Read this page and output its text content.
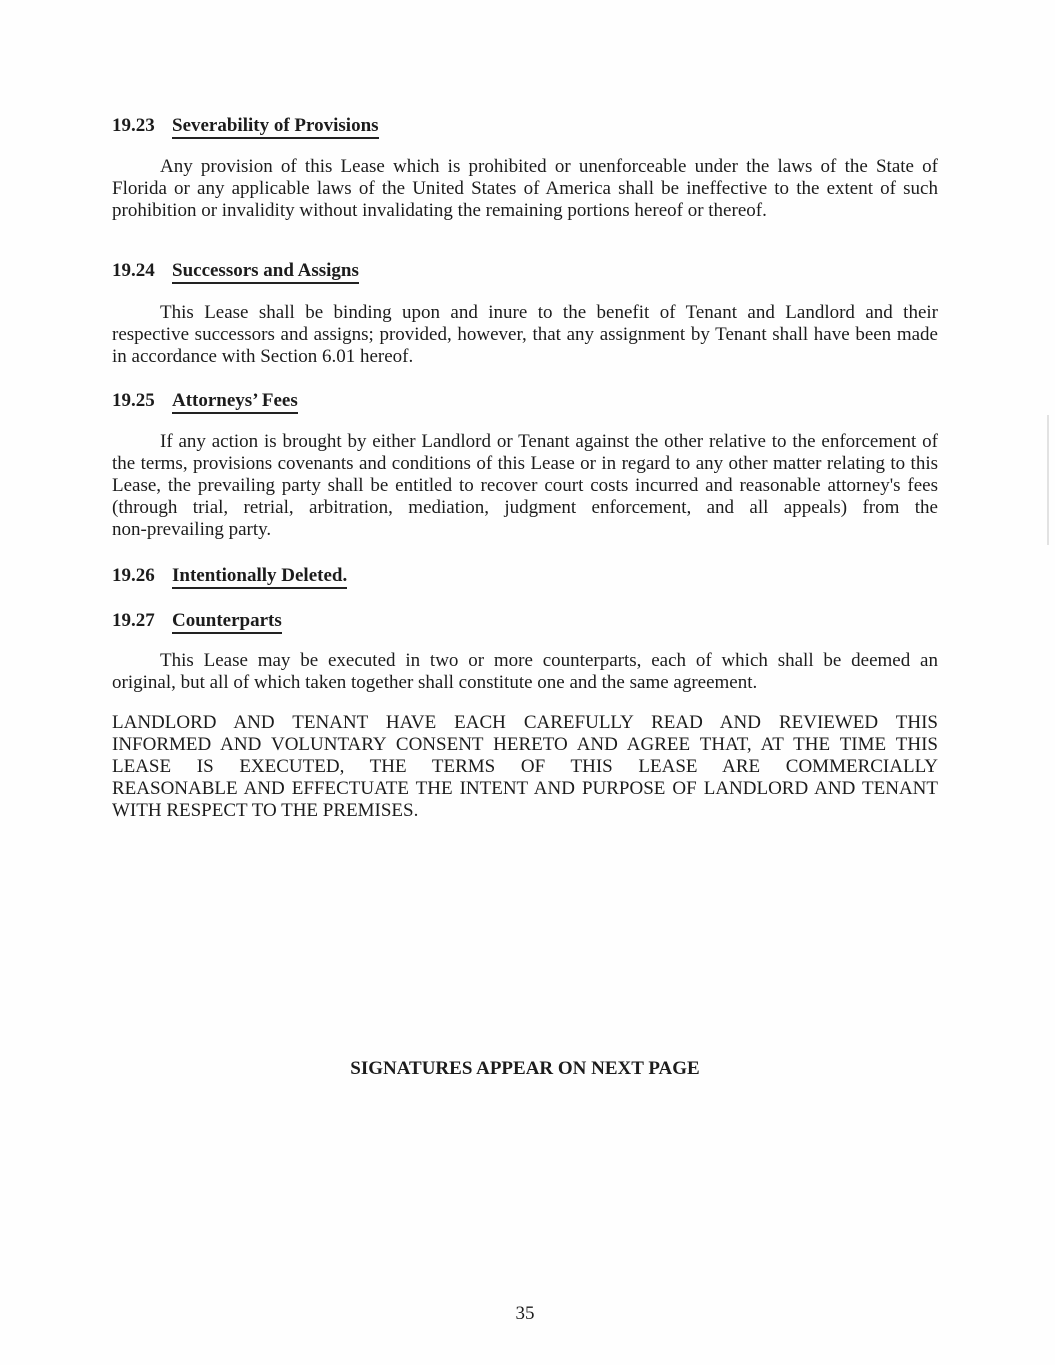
19.23 Severability of Provisions
Any provision of this Lease which is prohibited or unenforceable under the laws of the State of
Florida or any applicable laws of the United States of America shall be ineffective to the extent of such
prohibition or invalidity without invalidating the remaining portions hereof or thereof.
19.24 Successors and Assigns
This Lease shall be binding upon and inure to the benefit of Tenant and Landlord and their
respective successors and assigns; provided, however, that any assignment by Tenant shall have been made
in accordance with Section 6.01 hereof.
19.25 Attorneys’ Fees
If any action is brought by either Landlord or Tenant against the other relative to the enforcement of
the terms, provisions covenants and conditions of this Lease or in regard to any other matter relating to this
Lease, the prevailing party shall be entitled to recover court costs incurred and reasonable attorney's fees
(through trial, retrial, arbitration, mediation, judgment enforcement, and all appeals) from the
non-prevailing party.
19.26 Intentionally Deleted.
19.27 Counterparts
This Lease may be executed in two or more counterparts, each of which shall be deemed an
original, but all of which taken together shall constitute one and the same agreement.
LANDLORD AND TENANT HAVE EACH CAREFULLY READ AND REVIEWED THIS
INFORMED AND VOLUNTARY CONSENT HERETO AND AGREE THAT, AT THE TIME THIS
LEASE IS EXECUTED, THE TERMS OF THIS LEASE ARE COMMERCIALLY
REASONABLE AND EFFECTUATE THE INTENT AND PURPOSE OF LANDLORD AND TENANT
WITH RESPECT TO THE PREMISES.
SIGNATURES APPEAR ON NEXT PAGE
35
